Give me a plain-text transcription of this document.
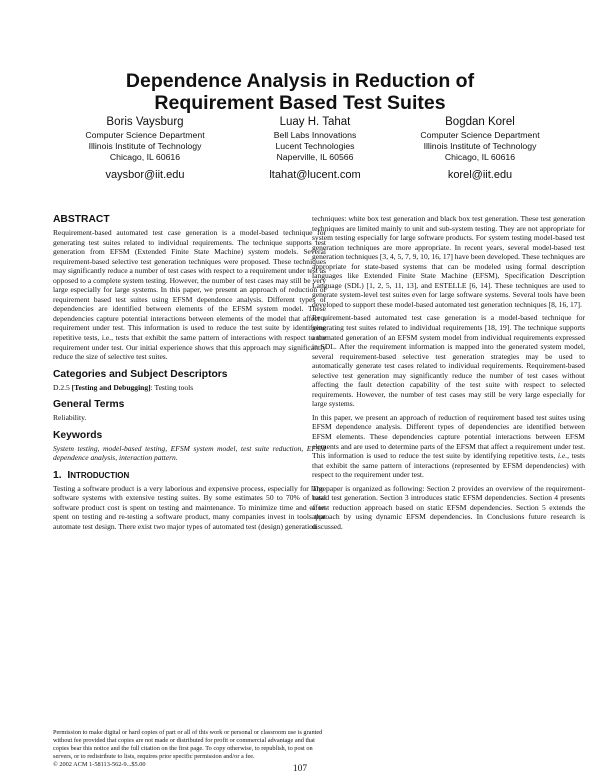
Dependence Analysis in Reduction of
Requirement Based Test Suites
Boris Vaysburg
Computer Science Department
Illinois Institute of Technology
Chicago, IL 60616
vaysbor@iit.edu
Luay H. Tahat
Bell Labs Innovations
Lucent Technologies
Naperville, IL 60566
ltahat@lucent.com
Bogdan Korel
Computer Science Department
Illinois Institute of Technology
Chicago, IL 60616
korel@iit.edu
ABSTRACT

Requirement-based automated test case generation is a model-based technique for generating test suites related to individual requirements. The technique supports test generation from EFSM (Extended Finite State Machine) system models. Several requirement-based selective test generation techniques were proposed. These techniques may significantly reduce a number of test cases with respect to a requirement under test as opposed to a complete system testing. However, the number of test cases may still be very large especially for large systems. In this paper, we present an approach of reduction of requirement based test suites using EFSM dependence analysis. Different types of dependencies are identified between elements of the EFSM system model. These dependencies capture potential interactions between elements of the model that affect a requirement under test. This information is used to reduce the test suite by identifying repetitive tests, i.e., tests that exhibit the same pattern of interactions with respect to the requirement under test. Our initial experience shows that this approach may significantly reduce the size of selective test suites.

Categories and Subject Descriptors

D.2.5 [Testing and Debugging]: Testing tools

General Terms

Reliability.

Keywords

System testing, model-based testing, EFSM system model, test suite reduction, EFSM dependence analysis, interaction pattern.

1. INTRODUCTION

Testing a software product is a very laborious and expensive process, especially for large software systems with extensive testing suites. By some estimates 50 to 70% of total software product cost is spent on testing and maintenance. To minimize time and effort spent on testing and re-testing a software product, many companies invest in tools that automate test design. There exist two major types of automated test (design) generation

Permission to make digital or hard copies of part or all of this work or personal or classroom use is granted without fee provided that copies are not made or distributed for profit or commercial advantage and that copies bear this notice and the full citation on the first page. To copy otherwise, to republish, to post on servers, or to redistribute to lists, requires prior specific permission and/or a fee.
© 2002 ACM 1-58113-562-9...$5.00

techniques: white box test generation and black box test generation. These test generation techniques are limited mainly to unit and sub-system testing. They are not appropriate for system testing especially for large software products. For system testing model-based test generation techniques are more appropriate. In recent years, several model-based test generation techniques [3, 4, 5, 7, 9, 10, 16, 17] have been developed. These techniques are appropriate for state-based systems that can be modeled using formal description languages like Extended Finite State Machine (EFSM), Specification Description Language (SDL) [1, 2, 5, 11, 13], and ESTELLE [6, 14]. These techniques are used to generate system-level test suites even for large software systems. Several tools have been developed to support these model-based automated test generation techniques [8, 16, 17].

Requirement-based automated test case generation is a model-based technique for generating test suites related to individual requirements [18, 19]. The technique supports automated generation of an EFSM system model from individual requirements expressed in SDL. After the requirement information is mapped into the generated system model, several requirement-based selective test generation strategies may be used to automatically generate test cases related to individual requirements. Requirement-based selective test generation may significantly reduce the number of test cases without affecting the fault detection capability of the test suite with respect to selected requirements. However, the number of test cases may still be very large especially for large systems.

In this paper, we present an approach of reduction of requirement based test suites using EFSM dependence analysis. Different types of dependencies are identified between EFSM elements. These dependencies capture potential interactions between EFSM elements and are used to determine parts of the EFSM that affect a requirement under test. This information is used to reduce the test suite by identifying repetitive tests, i.e., tests that exhibit the same pattern of interactions (represented by EFSM dependencies) with respect to the requirement under test.

The paper is organized as following: Section 2 provides an overview of the requirement-based test generation. Section 3 introduces static EFSM dependencies. Section 4 presents a test reduction approach based on static EFSM dependencies. Section 5 extends the approach by using dynamic EFSM dependencies. In Conclusions future research is discussed.

107
